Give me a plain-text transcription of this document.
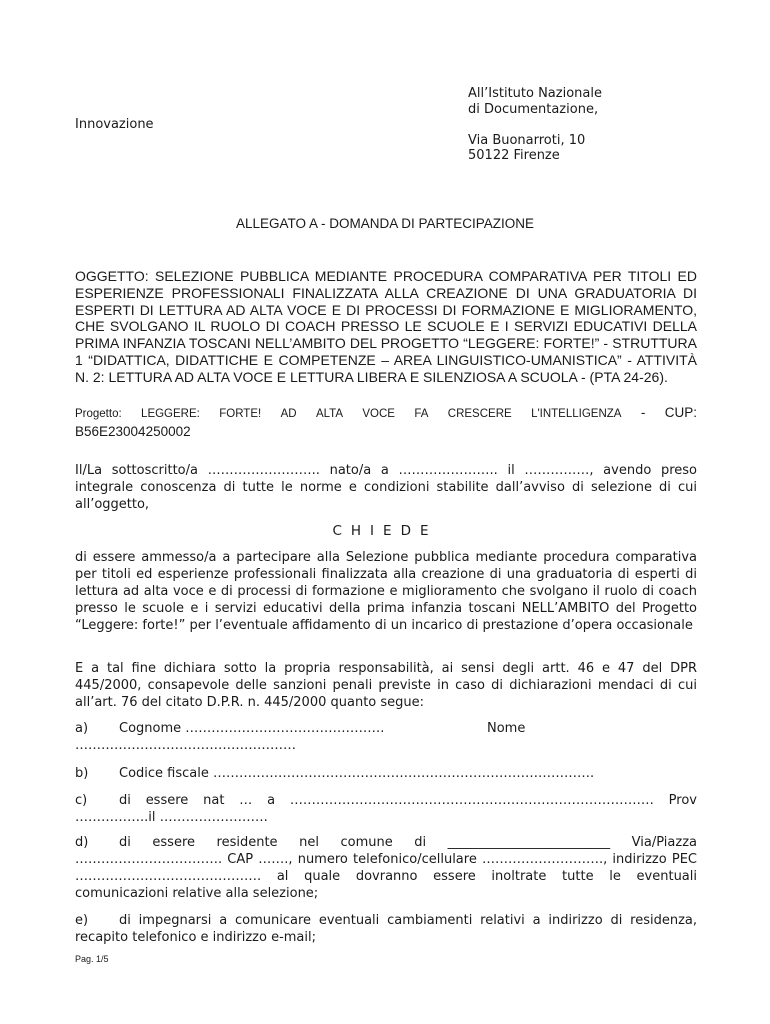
All’Istituto Nazionale
di Documentazione,
Via Buonarroti, 10
50122 Firenze
Innovazione
ALLEGATO A - DOMANDA DI PARTECIPAZIONE
OGGETTO: SELEZIONE PUBBLICA MEDIANTE PROCEDURA COMPARATIVA PER TITOLI ED ESPERIENZE PROFESSIONALI FINALIZZATA ALLA CREAZIONE DI UNA GRADUATORIA DI ESPERTI DI LETTURA AD ALTA VOCE E DI PROCESSI DI FORMAZIONE E MIGLIORAMENTO, CHE SVOLGANO IL RUOLO DI COACH PRESSO LE SCUOLE E I SERVIZI EDUCATIVI DELLA PRIMA INFANZIA TOSCANI NELL’AMBITO DEL PROGETTO “LEGGERE: FORTE!” - STRUTTURA 1 “DIDATTICA, DIDATTICHE E COMPETENZE – AREA LINGUISTICO-UMANISTICA” - ATTIVITÀ N. 2: LETTURA AD ALTA VOCE E LETTURA LIBERA E SILENZIOSA A SCUOLA - (PTA 24-26).
Progetto: LEGGERE: FORTE! AD ALTA VOCE FA CRESCERE L'INTELLIGENZA - CUP:
B56E23004250002
Il/La sottoscritto/a …………………….. nato/a a ………………….. il ……………, avendo preso integrale conoscenza di tutte le norme e condizioni stabilite dall’avviso di selezione di cui all’oggetto,
CHIEDE
di essere ammesso/a a partecipare alla Selezione pubblica mediante procedura comparativa per titoli ed esperienze professionali finalizzata alla creazione di una graduatoria di esperti di lettura ad alta voce e di processi di formazione e miglioramento che svolgano il ruolo di coach presso le scuole e i servizi educativi della prima infanzia toscani NELL’AMBITO del Progetto “Leggere: forte!” per l’eventuale affidamento di un incarico di prestazione d’opera occasionale
E a tal fine dichiara sotto la propria responsabilità, ai sensi degli artt. 46 e 47 del DPR 445/2000, consapevole delle sanzioni penali previste in caso di dichiarazioni mendaci di cui all’art. 76 del citato D.P.R. n. 445/2000 quanto segue:
a)	Cognome ……………………………………….	Nome
……………………………………………
b)	Codice fiscale …………………………………………………………………………….
c) di essere nat … a ………………………………………………………………………… Prov ……………..il …………………….
d) di essere residente nel comune di _________________________ Via/Piazza ……………………………. CAP ……., numero telefonico/cellulare ………………………., indirizzo PEC ……………………………………. al quale dovranno essere inoltrate tutte le eventuali comunicazioni relative alla selezione;
e) di impegnarsi a comunicare eventuali cambiamenti relativi a indirizzo di residenza, recapito telefonico e indirizzo e-mail;
Pag. 1/5
